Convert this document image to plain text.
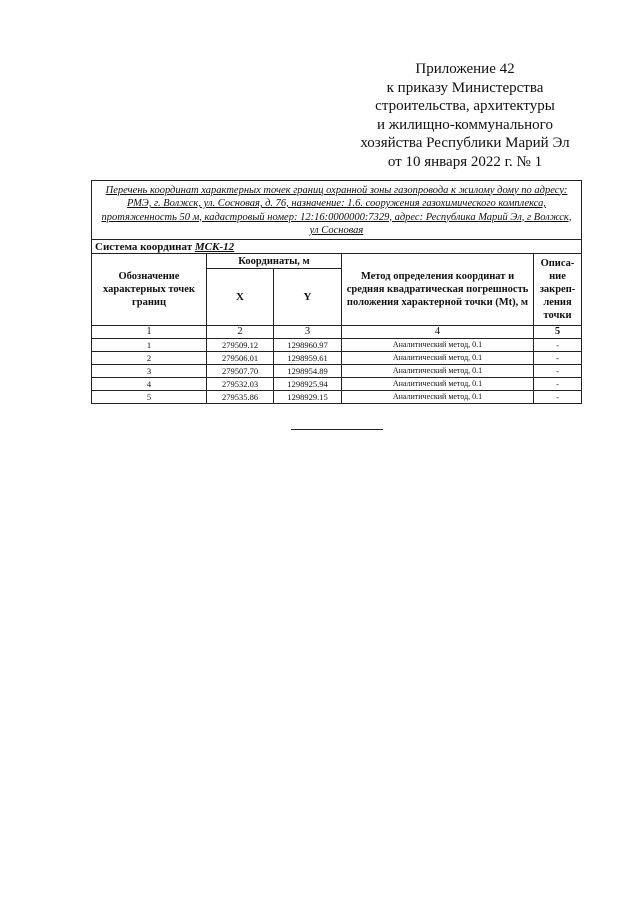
Приложение 42
к приказу Министерства
строительства, архитектуры
и жилищно-коммунального
хозяйства Республики Марий Эл
от 10 января 2022 г. № 1
Перечень координат характерных точек границ охранной зоны газопровода к жилому дому по адресу: РМЭ, г. Волжск, ул. Сосновая, д. 76, назначение: 1.6. сооружения газохимического комплекса, протяженность 50 м, кадастровый номер: 12:16:0000000:7329, адрес: Республика Марий Эл, г Волжск, ул Сосновая				
Система координат МСК-12				
Обозначение характерных точек границ	Координаты, м		Метод определения координат и средняя квадратическая погрешность положения характерной точки (Mt), м	Описа-ние закреп-ления точки
	X	Y		
1	2	3	4	5
1	279509.12	1298960.97	Аналитический метод, 0.1	-
2	279506.01	1298959.61	Аналитический метод, 0.1	-
3	279507.70	1298954.89	Аналитический метод, 0.1	-
4	279532.03	1298925.94	Аналитический метод, 0.1	-
5	279535.86	1298929.15	Аналитический метод, 0.1	-
